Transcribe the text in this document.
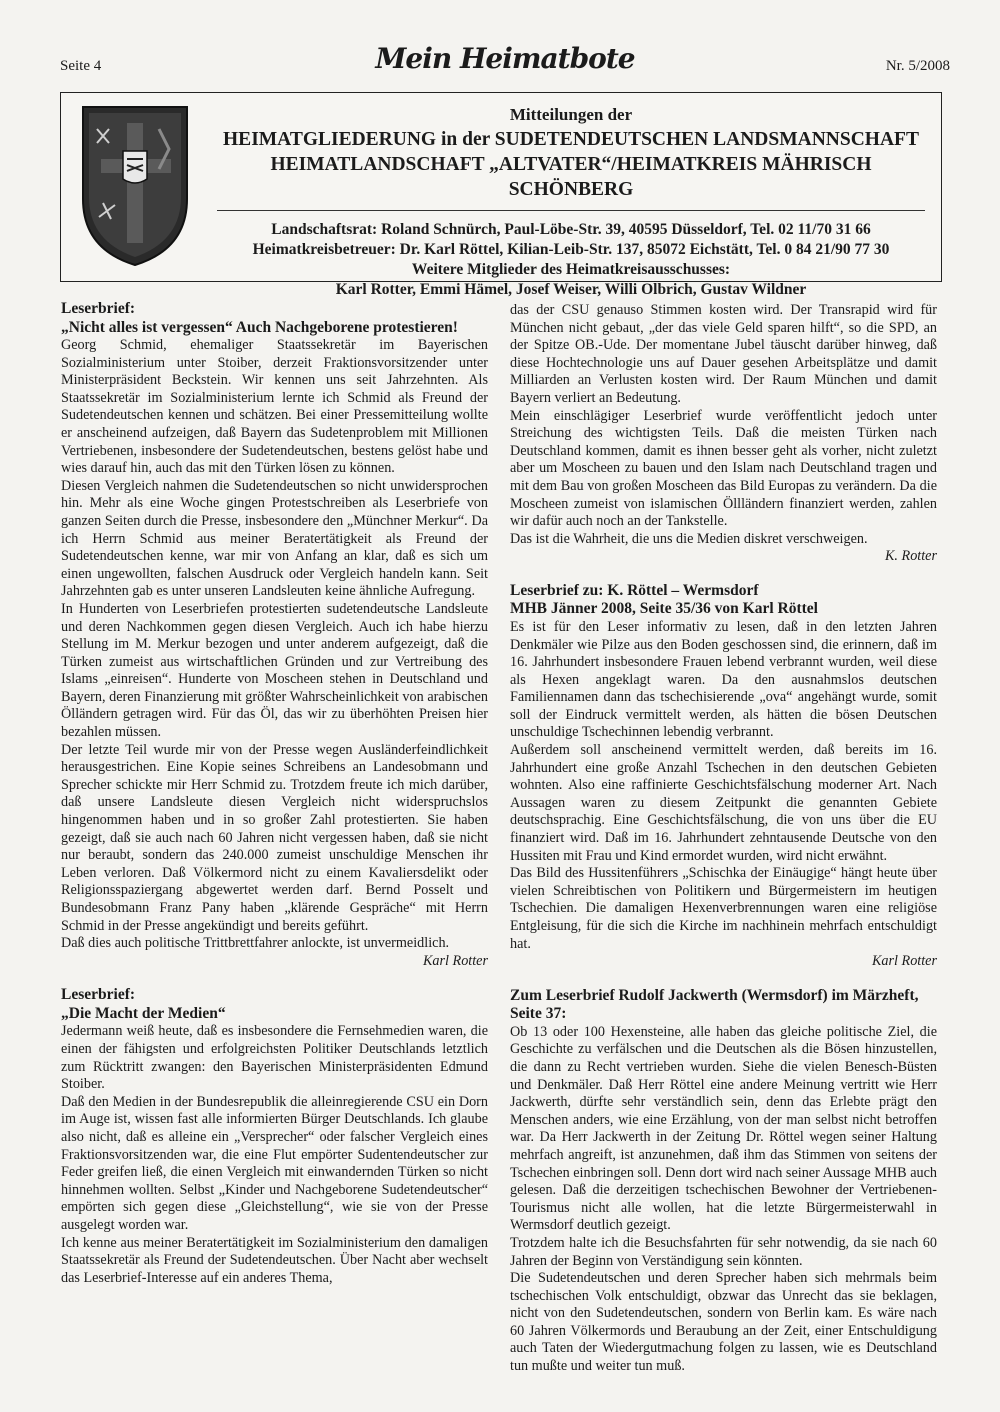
Seite 4	Mein Heimatbote	Nr. 5/2008
Mitteilungen der
HEIMATGLIEDERUNG in der SUDETENDEUTSCHEN LANDSMANNSCHAFT
HEIMATLANDSCHAFT „ALTVATER“/HEIMATKREIS MÄHRISCH SCHÖNBERG
Landschaftsrat: Roland Schnürch, Paul-Löbe-Str. 39, 40595 Düsseldorf, Tel. 02 11/70 31 66
Heimatkreisbetreuer: Dr. Karl Röttel, Kilian-Leib-Str. 137, 85072 Eichstätt, Tel. 0 84 21/90 77 30
Weitere Mitglieder des Heimatkreisausschusses:
Karl Rotter, Emmi Hämel, Josef Weiser, Willi Olbrich, Gustav Wildner

Leserbrief:

„Nicht alles ist vergessen“ Auch Nachgeborene protestieren!

Georg Schmid, ehemaliger Staatssekretär im Bayerischen Sozialministerium unter Stoiber, derzeit Fraktionsvorsitzender unter Ministerpräsident Beckstein. Wir kennen uns seit Jahrzehnten. Als Staatssekretär im Sozialministerium lernte ich Schmid als Freund der Sudetendeutschen kennen und schätzen. Bei einer Pressemitteilung wollte er anscheinend aufzeigen, daß Bayern das Sudetenproblem mit Millionen Vertriebenen, insbesondere der Sudetendeutschen, bestens gelöst habe und wies darauf hin, auch das mit den Türken lösen zu können.

Diesen Vergleich nahmen die Sudetendeutschen so nicht unwidersprochen hin. Mehr als eine Woche gingen Protestschreiben als Leserbriefe von ganzen Seiten durch die Presse, insbesondere den „Münchner Merkur“. Da ich Herrn Schmid aus meiner Beratertätigkeit als Freund der Sudetendeutschen kenne, war mir von Anfang an klar, daß es sich um einen ungewollten, falschen Ausdruck oder Vergleich handeln kann. Seit Jahrzehnten gab es unter unseren Landsleuten keine ähnliche Aufregung.

In Hunderten von Leserbriefen protestierten sudetendeutsche Landsleute und deren Nachkommen gegen diesen Vergleich. Auch ich habe hierzu Stellung im M. Merkur bezogen und unter anderem aufgezeigt, daß die Türken zumeist aus wirtschaftlichen Gründen und zur Vertreibung des Islams „einreisen“. Hunderte von Moscheen stehen in Deutschland und Bayern, deren Finanzierung mit größter Wahrscheinlichkeit von arabischen Ölländern getragen wird. Für das Öl, das wir zu überhöhten Preisen hier bezahlen müssen.

Der letzte Teil wurde mir von der Presse wegen Ausländerfeindlichkeit herausgestrichen. Eine Kopie seines Schreibens an Landesobmann und Sprecher schickte mir Herr Schmid zu. Trotzdem freute ich mich darüber, daß unsere Landsleute diesen Vergleich nicht widerspruchslos hingenommen haben und in so großer Zahl protestierten. Sie haben gezeigt, daß sie auch nach 60 Jahren nicht vergessen haben, daß sie nicht nur beraubt, sondern das 240.000 zumeist unschuldige Menschen ihr Leben verloren. Daß Völkermord nicht zu einem Kavaliersdelikt oder Religionsspaziergang abgewertet werden darf. Bernd Posselt und Bundesobmann Franz Pany haben „klärende Gespräche“ mit Herrn Schmid in der Presse angekündigt und bereits geführt.

Daß dies auch politische Trittbrettfahrer anlockte, ist unvermeidlich.

Karl Rotter

Leserbrief:

„Die Macht der Medien“

Jedermann weiß heute, daß es insbesondere die Fernsehmedien waren, die einen der fähigsten und erfolgreichsten Politiker Deutschlands letztlich zum Rücktritt zwangen: den Bayerischen Ministerpräsidenten Edmund Stoiber.

Daß den Medien in der Bundesrepublik die alleinregierende CSU ein Dorn im Auge ist, wissen fast alle informierten Bürger Deutschlands. Ich glaube also nicht, daß es alleine ein „Versprecher“ oder falscher Vergleich eines Fraktionsvorsitzenden war, die eine Flut empörter Sudentendeutscher zur Feder greifen ließ, die einen Vergleich mit einwandernden Türken so nicht hinnehmen wollten. Selbst „Kinder und Nachgeborene Sudetendeutscher“ empörten sich gegen diese „Gleichstellung“, wie sie von der Presse ausgelegt worden war.

Ich kenne aus meiner Beratertätigkeit im Sozialministerium den damaligen Staatssekretär als Freund der Sudetendeutschen. Über Nacht aber wechselt das Leserbrief-Interesse auf ein anderes Thema,

das der CSU genauso Stimmen kosten wird. Der Transrapid wird für München nicht gebaut, „der das viele Geld sparen hilft“, so die SPD, an der Spitze OB.-Ude. Der momentane Jubel täuscht darüber hinweg, daß diese Hochtechnologie uns auf Dauer gesehen Arbeitsplätze und damit Milliarden an Verlusten kosten wird. Der Raum München und damit Bayern verliert an Bedeutung.

Mein einschlägiger Leserbrief wurde veröffentlicht jedoch unter Streichung des wichtigsten Teils. Daß die meisten Türken nach Deutschland kommen, damit es ihnen besser geht als vorher, nicht zuletzt aber um Moscheen zu bauen und den Islam nach Deutschland tragen und mit dem Bau von großen Moscheen das Bild Europas zu verändern. Da die Moscheen zumeist von islamischen Öllländern finanziert werden, zahlen wir dafür auch noch an der Tankstelle.

Das ist die Wahrheit, die uns die Medien diskret verschweigen.

K. Rotter

Leserbrief zu: K. Röttel – Wermsdorf

MHB Jänner 2008, Seite 35/36 von Karl Röttel

Es ist für den Leser informativ zu lesen, daß in den letzten Jahren Denkmäler wie Pilze aus den Boden geschossen sind, die erinnern, daß im 16. Jahrhundert insbesondere Frauen lebend verbrannt wurden, weil diese als Hexen angeklagt waren. Da den ausnahmslos deutschen Familiennamen dann das tschechisierende „ova“ angehängt wurde, somit soll der Eindruck vermittelt werden, als hätten die bösen Deutschen unschuldige Tschechinnen lebendig verbrannt.

Außerdem soll anscheinend vermittelt werden, daß bereits im 16. Jahrhundert eine große Anzahl Tschechen in den deutschen Gebieten wohnten. Also eine raffinierte Geschichtsfälschung moderner Art. Nach Aussagen waren zu diesem Zeitpunkt die genannten Gebiete deutschsprachig. Eine Geschichtsfälschung, die von uns über die EU finanziert wird. Daß im 16. Jahrhundert zehntausende Deutsche von den Hussiten mit Frau und Kind ermordet wurden, wird nicht erwähnt.

Das Bild des Hussitenführers „Schischka der Einäugige“ hängt heute über vielen Schreibtischen von Politikern und Bürgermeistern im heutigen Tschechien. Die damaligen Hexenverbrennungen waren eine religiöse Entgleisung, für die sich die Kirche im nachhinein mehrfach entschuldigt hat.

Karl Rotter

Zum Leserbrief Rudolf Jackwerth (Wermsdorf) im Märzheft, Seite 37:

Ob 13 oder 100 Hexensteine, alle haben das gleiche politische Ziel, die Geschichte zu verfälschen und die Deutschen als die Bösen hinzustellen, die dann zu Recht vertrieben wurden. Siehe die vielen Benesch-Büsten und Denkmäler. Daß Herr Röttel eine andere Meinung vertritt wie Herr Jackwerth, dürfte sehr verständlich sein, denn das Erlebte prägt den Menschen anders, wie eine Erzählung, von der man selbst nicht betroffen war. Da Herr Jackwerth in der Zeitung Dr. Röttel wegen seiner Haltung mehrfach angreift, ist anzunehmen, daß ihm das Stimmen von seitens der Tschechen einbringen soll. Denn dort wird nach seiner Aussage MHB auch gelesen. Daß die derzeitigen tschechischen Bewohner der Vertriebenen-Tourismus nicht alle wollen, hat die letzte Bürgermeisterwahl in Wermsdorf deutlich gezeigt.

Trotzdem halte ich die Besuchsfahrten für sehr notwendig, da sie nach 60 Jahren der Beginn von Verständigung sein könnten.

Die Sudetendeutschen und deren Sprecher haben sich mehrmals beim tschechischen Volk entschuldigt, obzwar das Unrecht das sie beklagen, nicht von den Sudetendeutschen, sondern von Berlin kam. Es wäre nach 60 Jahren Völkermords und Beraubung an der Zeit, einer Entschuldigung auch Taten der Wiedergutmachung folgen zu lassen, wie es Deutschland tun mußte und weiter tun muß.
